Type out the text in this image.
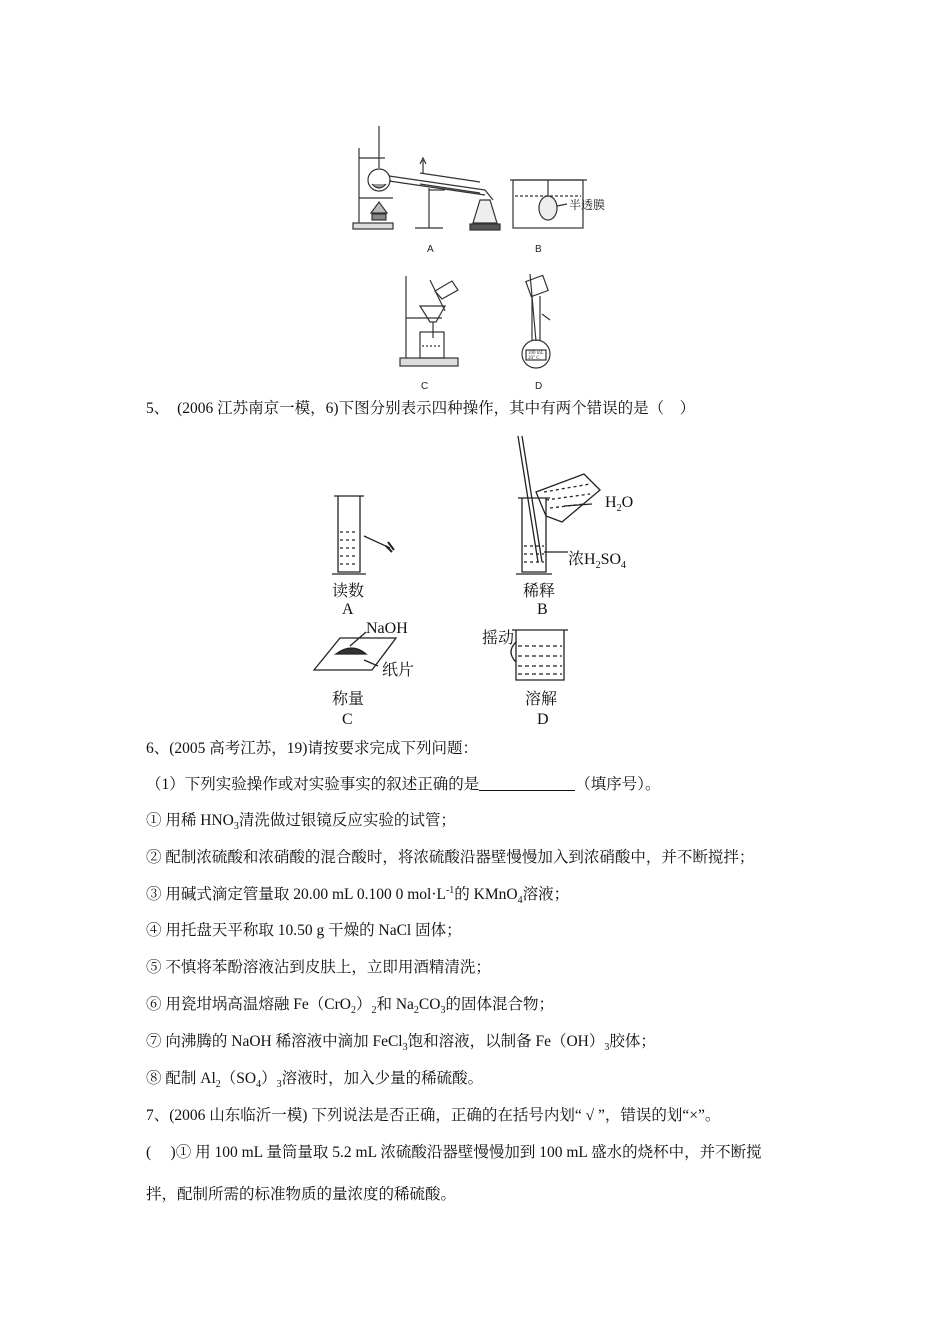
半透膜
A	B
100 mL
20° C
C	D
5、 (2006 江苏南京一模，6)下图分别表示四种操作，其中有两个错误的是（　）
读数
A
$H_2O$
浓$H_2SO_4$
稀释
B
NaOH
纸片
称量
C
摇动
溶解
D
6、(2005 高考江苏，19)请按要求完成下列问题：
（1）下列实验操作或对实验事实的叙述正确的是	（填序号）。
① 用稀 $HNO_3$清洗做过银镜反应实验的试管；
② 配制浓硫酸和浓硝酸的混合酸时，将浓硫酸沿器壁慢慢加入到浓硝酸中，并不断搅拌；
③ 用碱式滴定管量取 20.00 mL 0.100 0 $mol\cdot L^{-1}$的 KMnO$_4$溶液；
④ 用托盘天平称取 10.50 g 干燥的 NaCl 固体；
⑤ 不慎将苯酚溶液沾到皮肤上，立即用酒精清洗；
⑥ 用瓷坩埚高温熔融 $Fe(CrO_2)_2$和 $Na_2CO_3$的固体混合物；
⑦ 向沸腾的 NaOH 稀溶液中滴加 FeCl$_3$饱和溶液，以制备 $Fe(OH)_3$胶体；
⑧ 配制 $Al_2(SO_4)_3$溶液时，加入少量的稀硫酸。
7、(2006 山东临沂一模) 下列说法是否正确，正确的在括号内划“ √ ”，错误的划“×”。
(　 )① 用 100 mL 量筒量取 5.2 mL 浓硫酸沿器壁慢慢加到 100 mL 盛水的烧杯中，并不断搅
拌，配制所需的标准物质的量浓度的稀硫酸。
